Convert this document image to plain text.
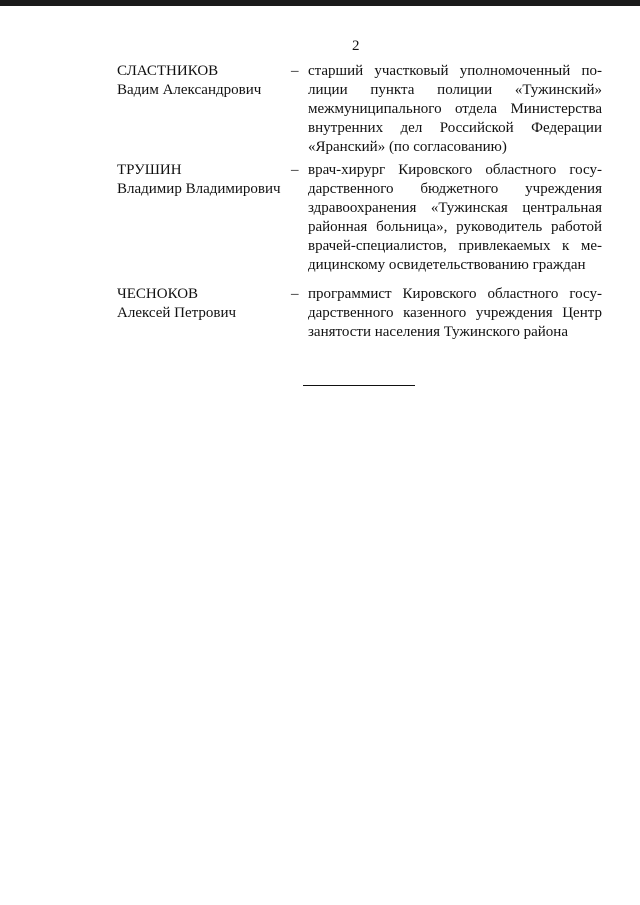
2
СЛАСТНИКОВ
Вадим Александрович
– старший участковый уполномоченный полиции пункта полиции «Тужинский» межмуниципального отдела Министерства внутренних дел Российской Федерации «Яранский» (по согласованию)
ТРУШИН
Владимир Владимирович
– врач-хирург Кировского областного государственного бюджетного учреждения здравоохранения «Тужинская центральная районная больница», руководитель работой врачей-специалистов, привлекаемых к медицинскому освидетельствованию граждан
ЧЕСНОКОВ
Алексей Петрович
– программист Кировского областного государственного казенного учреждения Центр занятости населения Тужинского района
